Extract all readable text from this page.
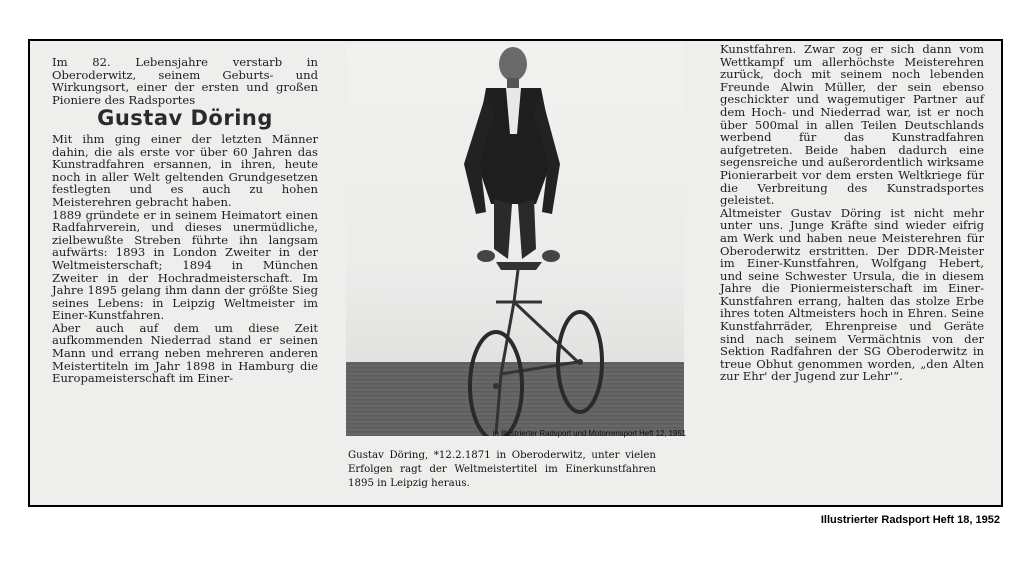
Im 82. Lebensjahre verstarb in Oberoderwitz, seinem Geburts- und Wirkungsort, einer der ersten und großen Pioniere des Radsportes

Gustav Döring

Mit ihm ging einer der letzten Männer dahin, die als erste vor über 60 Jahren das Kunstradfahren ersannen, in ihren, heute noch in aller Welt geltenden Grundgesetzen festlegten und es auch zu hohen Meisterehren gebracht haben.

1889 gründete er in seinem Heimatort einen Radfahrverein, und dieses unermüdliche, zielbewußte Streben führte ihn langsam aufwärts: 1893 in London Zweiter in der Weltmeisterschaft; 1894 in München Zweiter in der Hochradmeisterschaft. Im Jahre 1895 gelang ihm dann der größte Sieg seines Lebens: in Leipzig Weltmeister im Einer-Kunstfahren.

Aber auch auf dem um diese Zeit aufkommenden Niederrad stand er seinen Mann und errang neben mehreren anderen Meistertiteln im Jahr 1898 in Hamburg die Europameisterschaft im Einer-

in Illustrierter Radsport und Motorrensport Heft 12, 1951
Gustav Döring, *12.2.1871 in Oberoderwitz, unter vielen Erfolgen ragt der Weltmeistertitel im Einerkunstfahren 1895 in Leipzig heraus.

Kunstfahren. Zwar zog er sich dann vom Wettkampf um allerhöchste Meisterehren zurück, doch mit seinem noch lebenden Freunde Alwin Müller, der sein ebenso geschickter und wagemutiger Partner auf dem Hoch- und Niederrad war, ist er noch über 500mal in allen Teilen Deutschlands werbend für das Kunstradfahren aufgetreten. Beide haben dadurch eine segensreiche und außerordentlich wirksame Pionierarbeit vor dem ersten Weltkriege für die Verbreitung des Kunstradsportes geleistet.

Altmeister Gustav Döring ist nicht mehr unter uns. Junge Kräfte sind wieder eifrig am Werk und haben neue Meisterehren für Oberoderwitz erstritten. Der DDR-Meister im Einer-Kunstfahren, Wolfgang Hebert, und seine Schwester Ursula, die in diesem Jahre die Pioniermeisterschaft im Einer-Kunstfahren errang, halten das stolze Erbe ihres toten Altmeisters hoch in Ehren. Seine Kunstfahrräder, Ehrenpreise und Geräte sind nach seinem Vermächtnis von der Sektion Radfahren der SG Oberoderwitz in treue Obhut genommen worden, „den Alten zur Ehr' der Jugend zur Lehr'“.

Illustrierter Radsport Heft 18, 1952
